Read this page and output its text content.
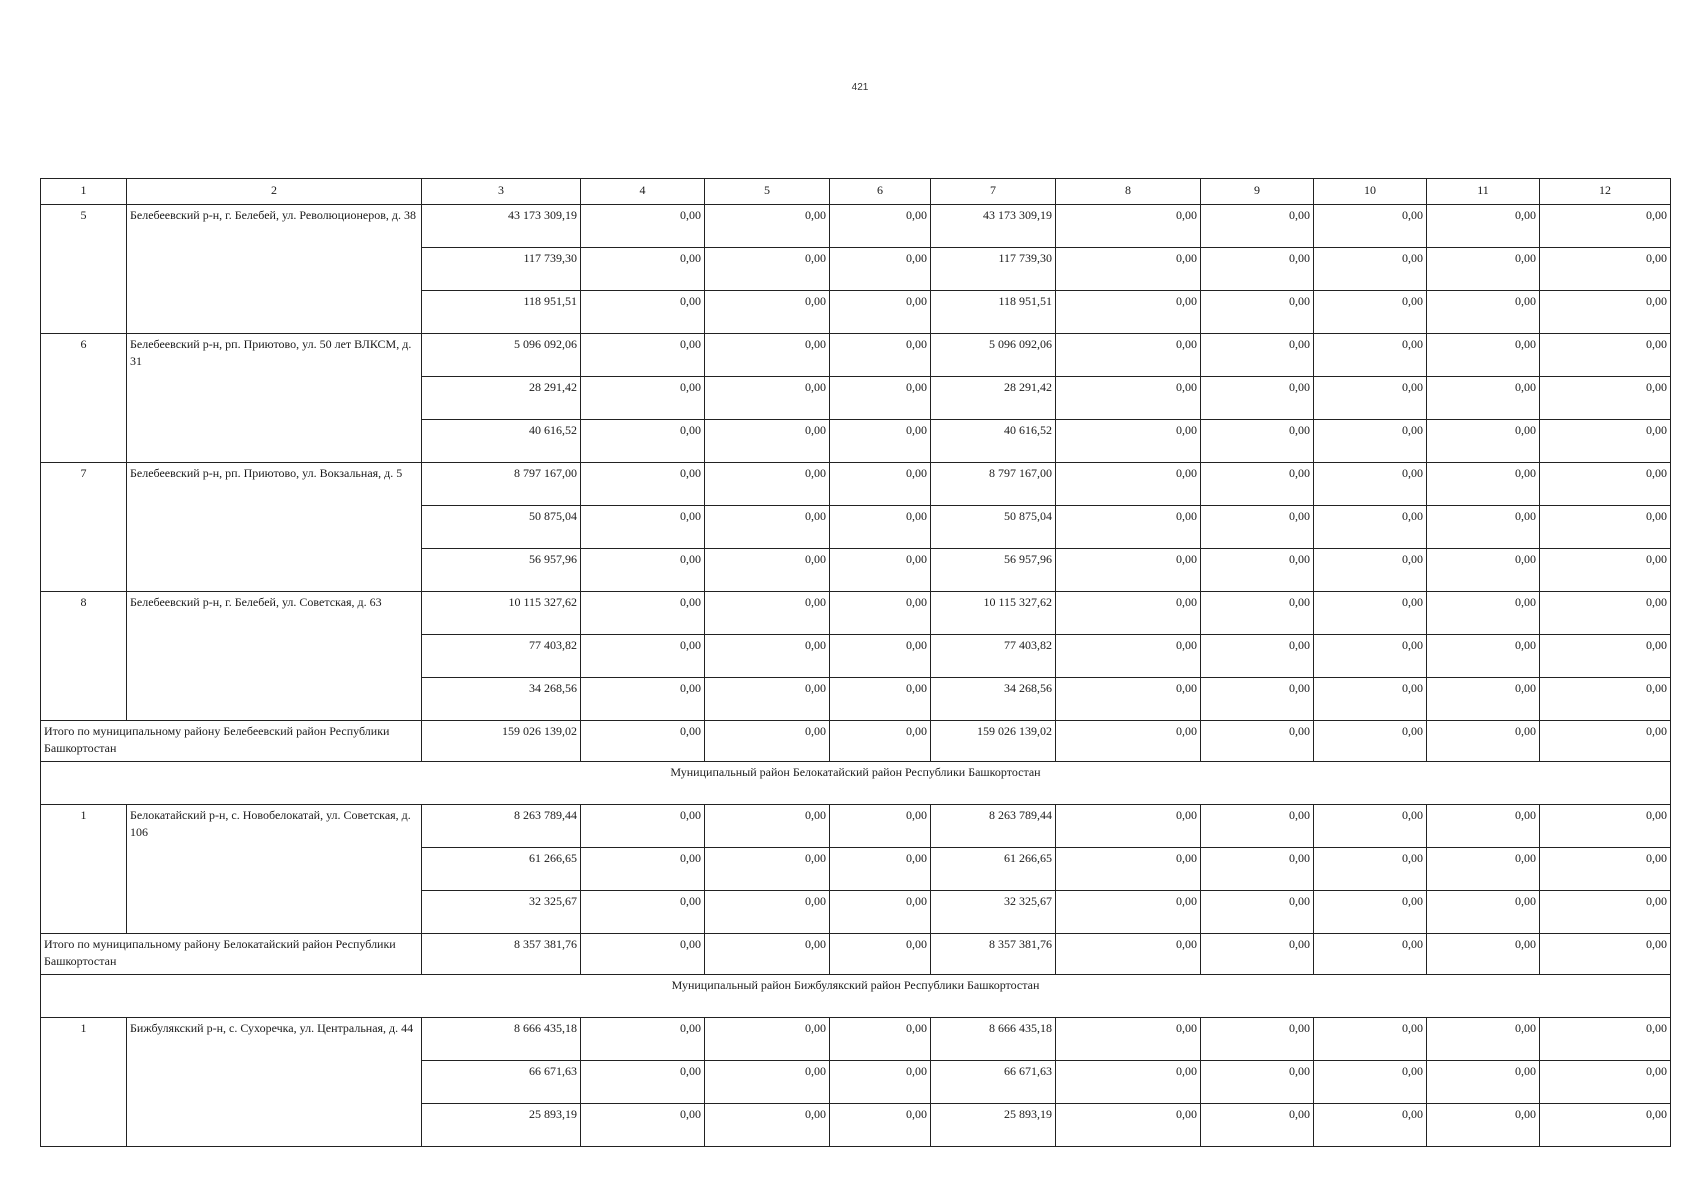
421
1	2	3	4	5	6	7	8	9	10	11	12
5	Белебеевский р-н, г. Белебей, ул. Революционеров, д. 38	43 173 309,19	0,00	0,00	0,00	43 173 309,19	0,00	0,00	0,00	0,00	0,00
		117 739,30	0,00	0,00	0,00	117 739,30	0,00	0,00	0,00	0,00	0,00
		118 951,51	0,00	0,00	0,00	118 951,51	0,00	0,00	0,00	0,00	0,00
6	Белебеевский р-н, рп. Приютово, ул. 50 лет ВЛКСМ, д. 31	5 096 092,06	0,00	0,00	0,00	5 096 092,06	0,00	0,00	0,00	0,00	0,00
		28 291,42	0,00	0,00	0,00	28 291,42	0,00	0,00	0,00	0,00	0,00
		40 616,52	0,00	0,00	0,00	40 616,52	0,00	0,00	0,00	0,00	0,00
7	Белебеевский р-н, рп. Приютово, ул. Вокзальная, д. 5	8 797 167,00	0,00	0,00	0,00	8 797 167,00	0,00	0,00	0,00	0,00	0,00
		50 875,04	0,00	0,00	0,00	50 875,04	0,00	0,00	0,00	0,00	0,00
		56 957,96	0,00	0,00	0,00	56 957,96	0,00	0,00	0,00	0,00	0,00
8	Белебеевский р-н, г. Белебей, ул. Советская, д. 63	10 115 327,62	0,00	0,00	0,00	10 115 327,62	0,00	0,00	0,00	0,00	0,00
		77 403,82	0,00	0,00	0,00	77 403,82	0,00	0,00	0,00	0,00	0,00
		34 268,56	0,00	0,00	0,00	34 268,56	0,00	0,00	0,00	0,00	0,00
Итого по муниципальному району Белебеевский район Республики Башкортостан		159 026 139,02	0,00	0,00	0,00	159 026 139,02	0,00	0,00	0,00	0,00	0,00
Муниципальный район Белокатайский район Республики Башкортостан											
1	Белокатайский р-н, с. Новобелокатай, ул. Советская, д. 106	8 263 789,44	0,00	0,00	0,00	8 263 789,44	0,00	0,00	0,00	0,00	0,00
		61 266,65	0,00	0,00	0,00	61 266,65	0,00	0,00	0,00	0,00	0,00
		32 325,67	0,00	0,00	0,00	32 325,67	0,00	0,00	0,00	0,00	0,00
Итого по муниципальному району Белокатайский район Республики Башкортостан		8 357 381,76	0,00	0,00	0,00	8 357 381,76	0,00	0,00	0,00	0,00	0,00
Муниципальный район Бижбулякский район Республики Башкортостан											
1	Бижбулякский р-н, с. Сухоречка, ул. Центральная, д. 44	8 666 435,18	0,00	0,00	0,00	8 666 435,18	0,00	0,00	0,00	0,00	0,00
		66 671,63	0,00	0,00	0,00	66 671,63	0,00	0,00	0,00	0,00	0,00
		25 893,19	0,00	0,00	0,00	25 893,19	0,00	0,00	0,00	0,00	0,00
